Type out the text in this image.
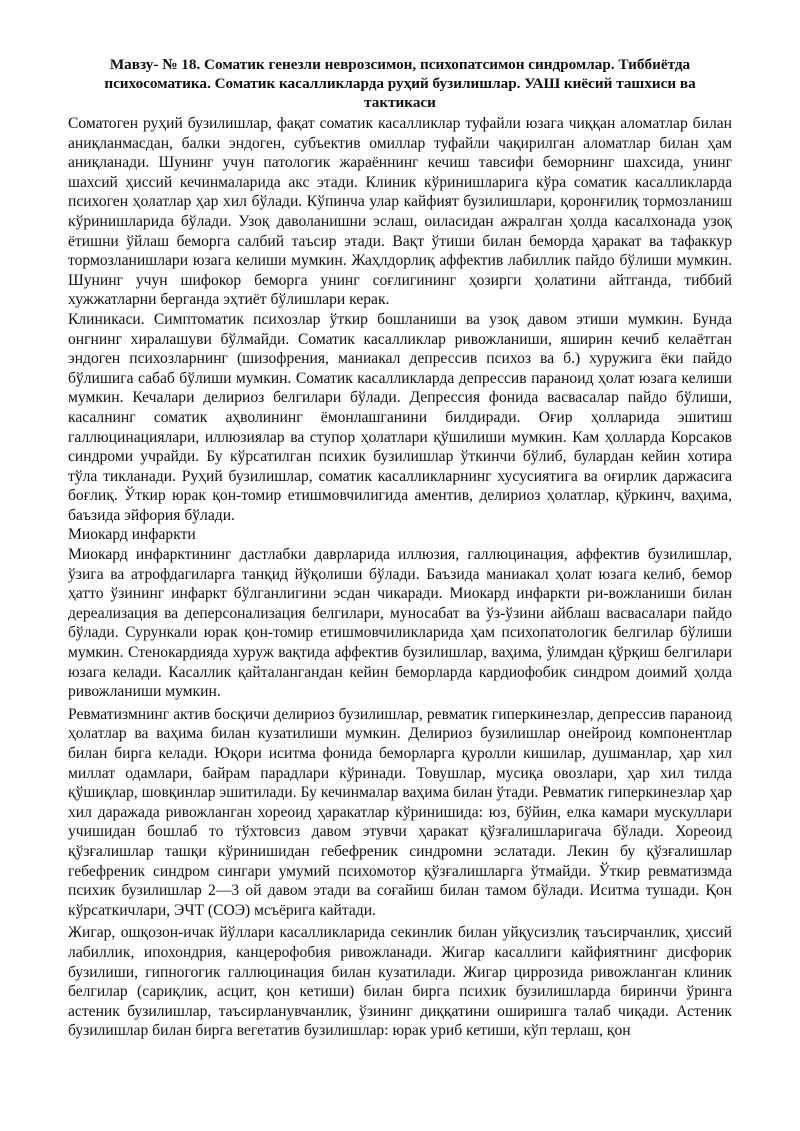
Мавзу- № 18. Соматик генезли неврозсимон, психопатсимон синдромлар. Тиббиётда психосоматика. Соматик касалликларда руҳий бузилишлар. УАШ киёсий ташхиси ва тактикаси

Соматоген руҳий бузилишлар, фақат соматик касалликлар туфайли юзага чиққан аломатлар билан аниқланмасдан, балки эндоген, субъектив омиллар туфайли чақирилган аломатлар билан ҳам аниқланади. Шунинг учун патологик жараённинг кечиш тавсифи беморнинг шахсида, унинг шахсий ҳиссий кечинмаларида акс этади. Клиник кўринишларига кўра соматик касалликларда психоген ҳолатлар ҳар хил бўлади. Кўпинча улар кайфият бузилишлари, қоронғилиқ тормозланиш кўринишларида бўлади. Узоқ даволанишни эслаш, оиласидан ажралган ҳолда касалхонада узоқ ётишни ўйлаш беморга салбий таъсир этади. Вақт ўтиши билан беморда ҳаракат ва тафаккур тормозланишлари юзага келиши мумкин. Жаҳлдорлиқ аффектив лабиллик пайдо бўлиши мумкин. Шунинг учун шифокор беморга унинг соғлигининг ҳозирги ҳолатини айтганда, тиббий хужжатларни берганда эҳтиёт бўлишлари керак.

Клиникаси. Симптоматик психозлар ўткир бошланиши ва узоқ давом этиши мумкин. Бунда онгнинг хиралашуви бўлмайди. Соматик касалликлар ривожланиши, яширин кечиб келаётган эндоген психозларнинг (шизофрения, маниакал депрессив психоз ва б.) хуружига ёки пайдо бўлишига сабаб бўлиши мумкин. Соматик касалликларда депрессив параноид ҳолат юзага келиши мумкин. Кечалари делириоз белгилари бўлади. Депрессия фонида васвасалар пайдо бўлиши, касалнинг соматик аҳволининг ёмонлашганини билдиради. Оғир ҳолларида эшитиш галлюцинациялари, иллюзиялар ва ступор ҳолатлари қўшилиши мумкин. Кам ҳолларда Корсаков синдроми учрайди. Бу кўрсатилган психик бузилишлар ўткинчи бўлиб, булардан кейин хотира тўла тикланади. Руҳий бузилишлар, соматик касалликларнинг хусусиятига ва оғирлик даржасига боғлиқ. Ўткир юрак қон-томир етишмовчилигида аментив, делириоз ҳолатлар, қўркинч, ваҳима, баъзида эйфория бўлади.

Миокард инфаркти

Миокард инфарктининг дастлабки даврларида иллюзия, галлюцинация, аффектив бузилишлар, ўзига ва атрофдагиларга танқид йўқолиши бўлади. Баъзида маниакал ҳолат юзага келиб, бемор ҳатто ўзининг инфаркт бўлганлигини эсдан чикаради. Миокард инфаркти ри-вожланиши билан дереализация ва деперсонализация белгилари, муносабат ва ўз-ўзини айблаш васвасалари пайдо бўлади. Сурункали юрак қон-томир етишмовчиликларида ҳам психопатологик белгилар бўлиши мумкин. Стенокардияда хуруж вақтида аффектив бузилишлар, ваҳима, ўлимдан қўрқиш белгилари юзага келади. Касаллик қайталангандан кейин беморларда кардиофобик синдром доимий ҳолда ривожланиши мумкин.

Ревматизмнинг актив босқичи делириоз бузилишлар, ревматик гиперкинезлар, депрессив параноид ҳолатлар ва ваҳима билан кузатилиши мумкин. Делириоз бузилишлар онейроид компонентлар билан бирга келади. Юқори иситма фонида беморларга қуролли кишилар, душманлар, ҳар хил миллат одамлари, байрам парадлари кўринади. Товушлар, мусиқа овозлари, ҳар хил тилда қўшиқлар, шовқинлар эшитилади. Бу кечинмалар ваҳима билан ўтади. Ревматик гиперкинезлар ҳар хил даражада ривожланган хореоид ҳаракатлар кўринишида: юз, бўйин, елка камари мускуллари учишидан бошлаб то тўхтовсиз давом этувчи ҳаракат қўзғалишларигача бўлади. Хореоид қўзғалишлар ташқи кўринишидан гебефреник синдромни эслатади. Лекин бу қўзғалишлар гебефреник синдром сингари умумий психомотор қўзғалишларга ўтмайди. Ўткир ревматизмда психик бузилишлар 2—3 ой давом этади ва соғайиш билан тамом бўлади. Иситма тушади. Қон кўрсаткичлари, ЭЧТ (СОЭ) мсъёрига кайтади.

Жигар, ошқозон-ичак йўллари касалликларида секинлик билан уйқусизлиқ таъсирчанлик, ҳиссий лабиллик, ипохондрия, канцерофобия ривожланади. Жигар касаллиги кайфиятнинг дисфорик бузилиши, гипногогик галлюцинация билан кузатилади. Жигар циррозида ривожланган клиник белгилар (сариқлик, асцит, қон кетиши) билан бирга психик бузилишларда биринчи ўринга астеник бузилишлар, таъсирланувчанлик, ўзининг диққатини оширишга талаб чиқади. Астеник бузилишлар билан бирга вегетатив бузилишлар: юрак уриб кетиши, кўп терлаш, қон
